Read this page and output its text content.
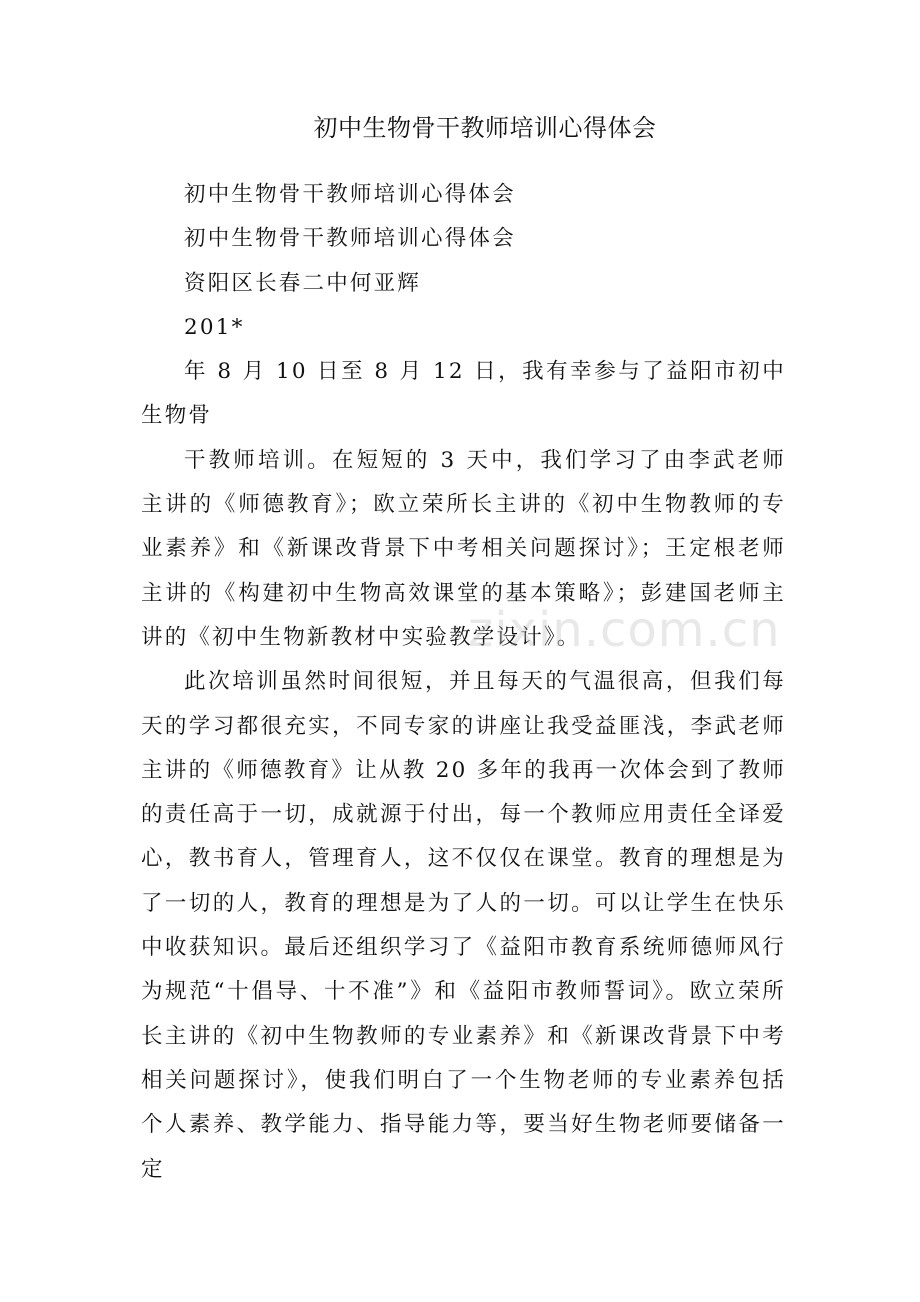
初中生物骨干教师培训心得体会

初中生物骨干教师培训心得体会

初中生物骨干教师培训心得体会

资阳区长春二中何亚辉

201*

年 8 月 10 日至 8 月 12 日，我有幸参与了益阳市初中生物骨

干教师培训。在短短的 3 天中，我们学习了由李武老师主讲的《师德教育》；欧立荣所长主讲的《初中生物教师的专业素养》和《新课改背景下中考相关问题探讨》；王定根老师主讲的《构建初中生物高效课堂的基本策略》；彭建国老师主讲的《初中生物新教材中实验教学设计》。

此次培训虽然时间很短，并且每天的气温很高，但我们每天的学习都很充实，不同专家的讲座让我受益匪浅，李武老师主讲的《师德教育》让从教 20 多年的我再一次体会到了教师的责任高于一切，成就源于付出，每一个教师应用责任全译爱心，教书育人，管理育人，这不仅仅在课堂。教育的理想是为了一切的人，教育的理想是为了人的一切。可以让学生在快乐中收获知识。最后还组织学习了《益阳市教育系统师德师风行为规范“十倡导、十不准”》和《益阳市教师誓词》。欧立荣所长主讲的《初中生物教师的专业素养》和《新课改背景下中考相关问题探讨》，使我们明白了一个生物老师的专业素养包括个人素养、教学能力、指导能力等，要当好生物老师要储备一定

zixin.com.cn
